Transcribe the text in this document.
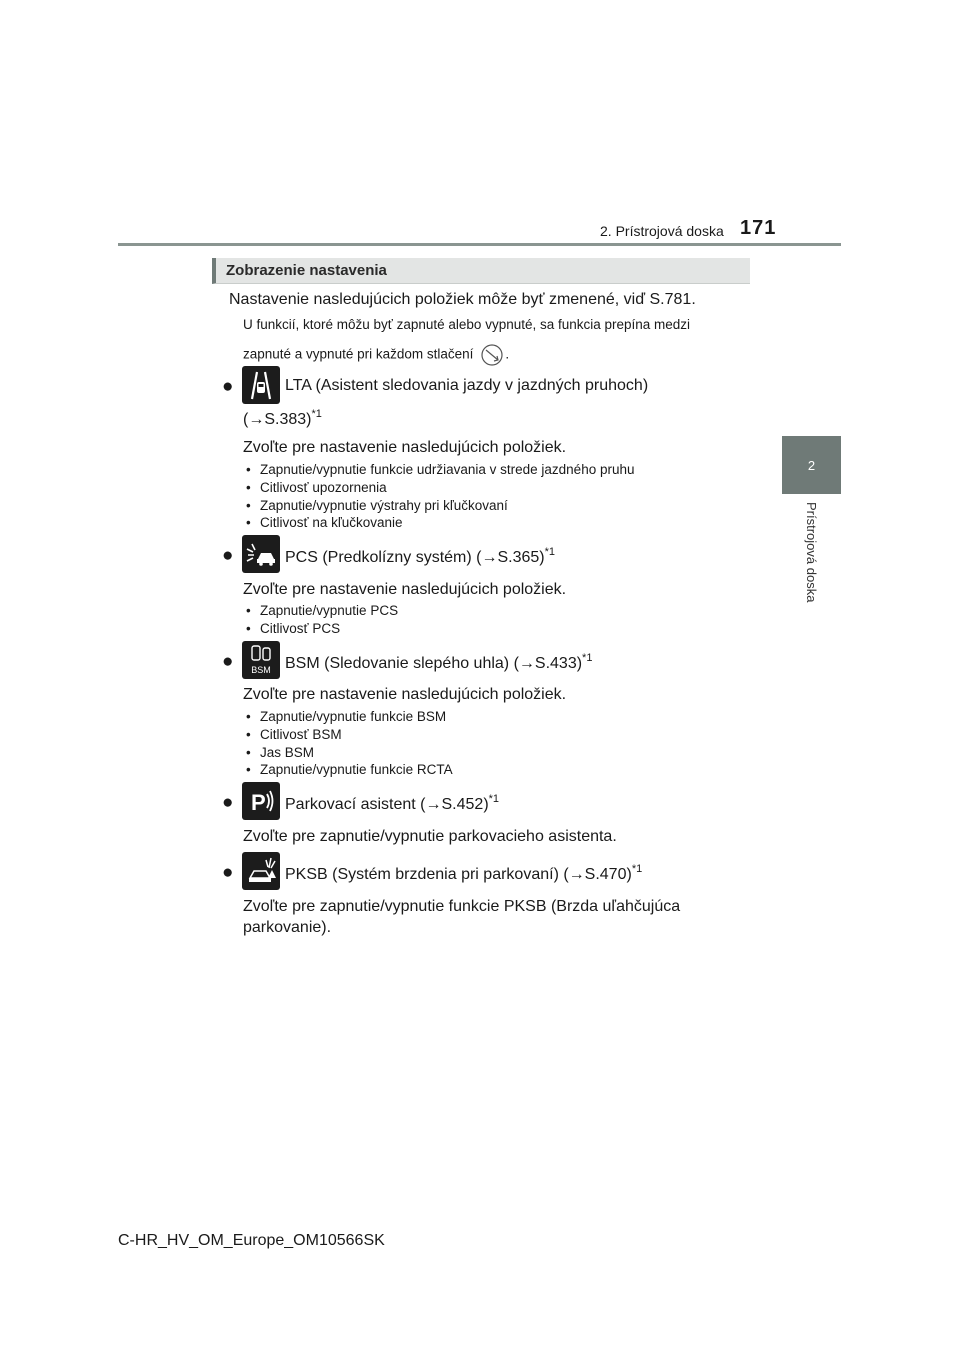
2. Prístrojová doska 171
2
Prístrojová doska
Zobrazenie nastavenia
Nastavenie nasledujúcich položiek môže byť zmenené, viď S.781.
U funkcií, ktoré môžu byť zapnuté alebo vypnuté, sa funkcia prepína medzi
zapnuté a vypnuté pri každom stlačení .
●	LTA (Asistent sledovania jazdy v jazdných pruhoch)
$(\to S.383)^{*1}$
Zvoľte pre nastavenie nasledujúcich položiek.
• Zapnutie/vypnutie funkcie udržiavania v strede jazdného pruhu
• Citlivosť upozornenia
• Zapnutie/vypnutie výstrahy pri kľučkovaní
• Citlivosť na kľučkovanie
●	PCS (Predkolízny systém) $(\to S.365)^{*1}$
Zvoľte pre nastavenie nasledujúcich položiek.
• Zapnutie/vypnutie PCS
• Citlivosť PCS
● BSM BSM (Sledovanie slepého uhla) $(\to S.433)^{*1}$
Zvoľte pre nastavenie nasledujúcich položiek.
• Zapnutie/vypnutie funkcie BSM
• Citlivosť BSM
• Jas BSM
• Zapnutie/vypnutie funkcie RCTA
● P Parkovací asistent $(\to S.452)^{*1}$
Zvoľte pre zapnutie/vypnutie parkovacieho asistenta.
●	PKSB (Systém brzdenia pri parkovaní) $(\to S.470)^{*1}$
Zvoľte pre zapnutie/vypnutie funkcie PKSB (Brzda uľahčujúca
parkovanie).
C-HR_HV_OM_Europe_OM10566SK
